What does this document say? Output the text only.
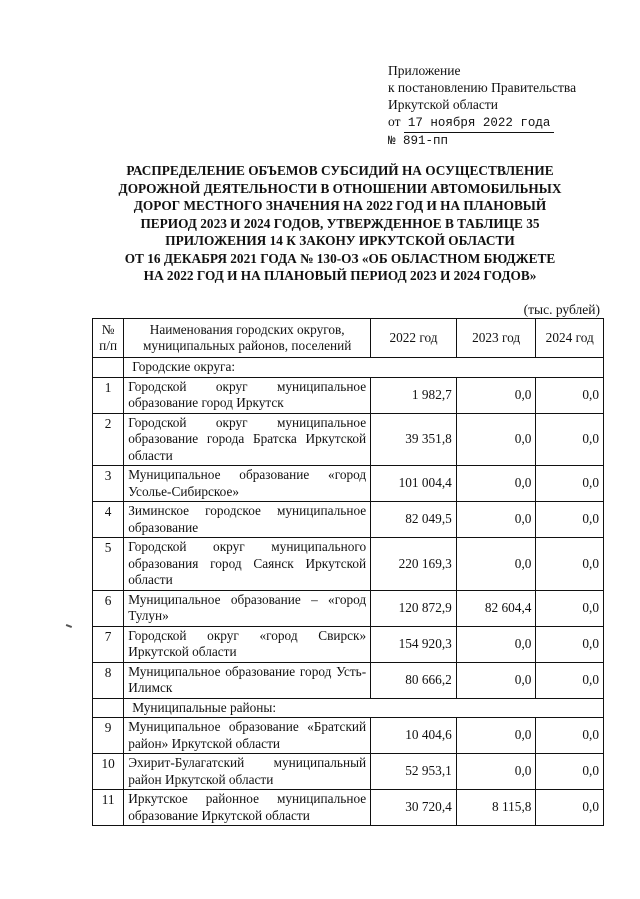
Приложение
к постановлению Правительства
Иркутской области
от 17 ноября 2022 года
№ 891-пп
РАСПРЕДЕЛЕНИЕ ОБЪЕМОВ СУБСИДИЙ НА ОСУЩЕСТВЛЕНИЕ
ДОРОЖНОЙ ДЕЯТЕЛЬНОСТИ В ОТНОШЕНИИ АВТОМОБИЛЬНЫХ
ДОРОГ МЕСТНОГО ЗНАЧЕНИЯ НА 2022 ГОД И НА ПЛАНОВЫЙ
ПЕРИОД 2023 И 2024 ГОДОВ, УТВЕРЖДЕННОЕ В ТАБЛИЦЕ 35
ПРИЛОЖЕНИЯ 14 К ЗАКОНУ ИРКУТСКОЙ ОБЛАСТИ
ОТ 16 ДЕКАБРЯ 2021 ГОДА № 130-ОЗ «ОБ ОБЛАСТНОМ БЮДЖЕТЕ
НА 2022 ГОД И НА ПЛАНОВЫЙ ПЕРИОД 2023 И 2024 ГОДОВ»
(тыс. рублей)
№ п/п	Наименования городских округов, муниципальных районов, поселений	2022 год	2023 год	2024 год
	Городские округа:			
1	Городской округ муниципальное образование город Иркутск	1 982,7	0,0	0,0
2	Городской округ муниципальное образование города Братска Иркутской области	39 351,8	0,0	0,0
3	Муниципальное образование «город Усолье-Сибирское»	101 004,4	0,0	0,0
4	Зиминское городское муниципальное образование	82 049,5	0,0	0,0
5	Городской округ муниципального образования город Саянск Иркутской области	220 169,3	0,0	0,0
6	Муниципальное образование – «город Тулун»	120 872,9	82 604,4	0,0
7	Городской округ «город Свирск» Иркутской области	154 920,3	0,0	0,0
8	Муниципальное образование город Усть-Илимск	80 666,2	0,0	0,0
	Муниципальные районы:			
9	Муниципальное образование «Братский район» Иркутской области	10 404,6	0,0	0,0
10	Эхирит-Булагатский муниципальный район Иркутской области	52 953,1	0,0	0,0
11	Иркутское районное муниципальное образование Иркутской области	30 720,4	8 115,8	0,0
